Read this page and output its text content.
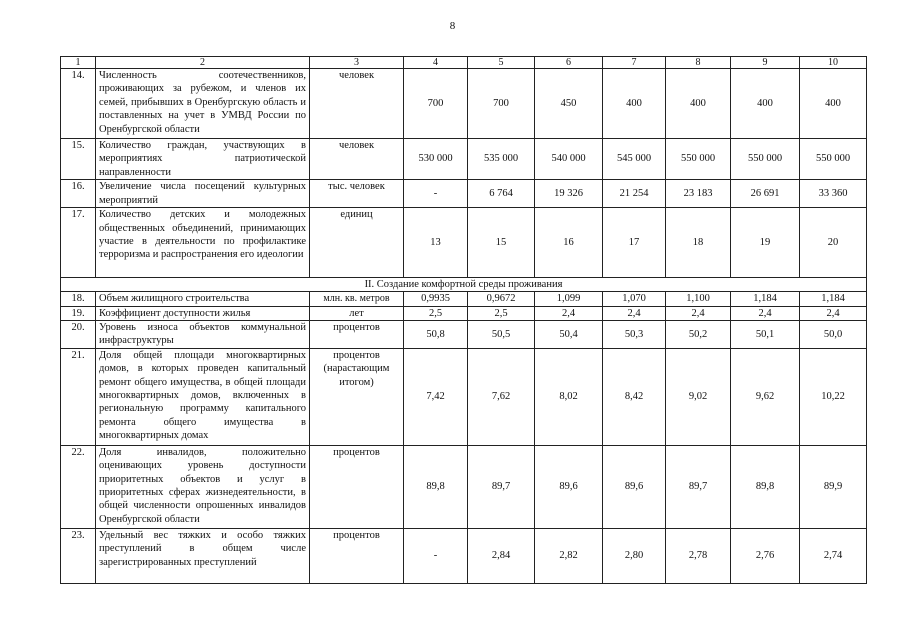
8
1	2	3	4	5	6	7	8	9	10
14.	Численность соотечественников, проживающих за рубежом, и членов их семей, прибывших в Оренбургскую область и поставленных на учет в УМВД России по Оренбургской области	человек	700	700	450	400	400	400	400
15.	Количество граждан, участвующих в мероприятиях патриотической направленности	человек	530 000	535 000	540 000	545 000	550 000	550 000	550 000
16.	Увеличение числа посещений культурных мероприятий	тыс. человек	-	6 764	19 326	21 254	23 183	26 691	33 360
17.	Количество детских и молодежных общественных объединений, принимающих участие в деятельности по профилактике терроризма и распространения его идеологии	единиц	13	15	16	17	18	19	20
II. Создание комфортной среды проживания									
18.	Объем жилищного строительства	млн. кв. метров	0,9935	0,9672	1,099	1,070	1,100	1,184	1,184
19.	Коэффициент доступности жилья	лет	2,5	2,5	2,4	2,4	2,4	2,4	2,4
20.	Уровень износа объектов коммунальной инфраструктуры	процентов	50,8	50,5	50,4	50,3	50,2	50,1	50,0
21.	Доля общей площади многоквартирных домов, в которых проведен капитальный ремонт общего имущества, в общей площади многоквартирных домов, включенных в региональную программу капитального ремонта общего имущества в многоквартирных домах	процентов (нарастающим итогом)	7,42	7,62	8,02	8,42	9,02	9,62	10,22
22.	Доля инвалидов, положительно оценивающих уровень доступности приоритетных объектов и услуг в приоритетных сферах жизнедеятельности, в общей численности опрошенных инвалидов Оренбургской области	процентов	89,8	89,7	89,6	89,6	89,7	89,8	89,9
23.	Удельный вес тяжких и особо тяжких преступлений в общем числе зарегистрированных преступлений	процентов	-	2,84	2,82	2,80	2,78	2,76	2,74
